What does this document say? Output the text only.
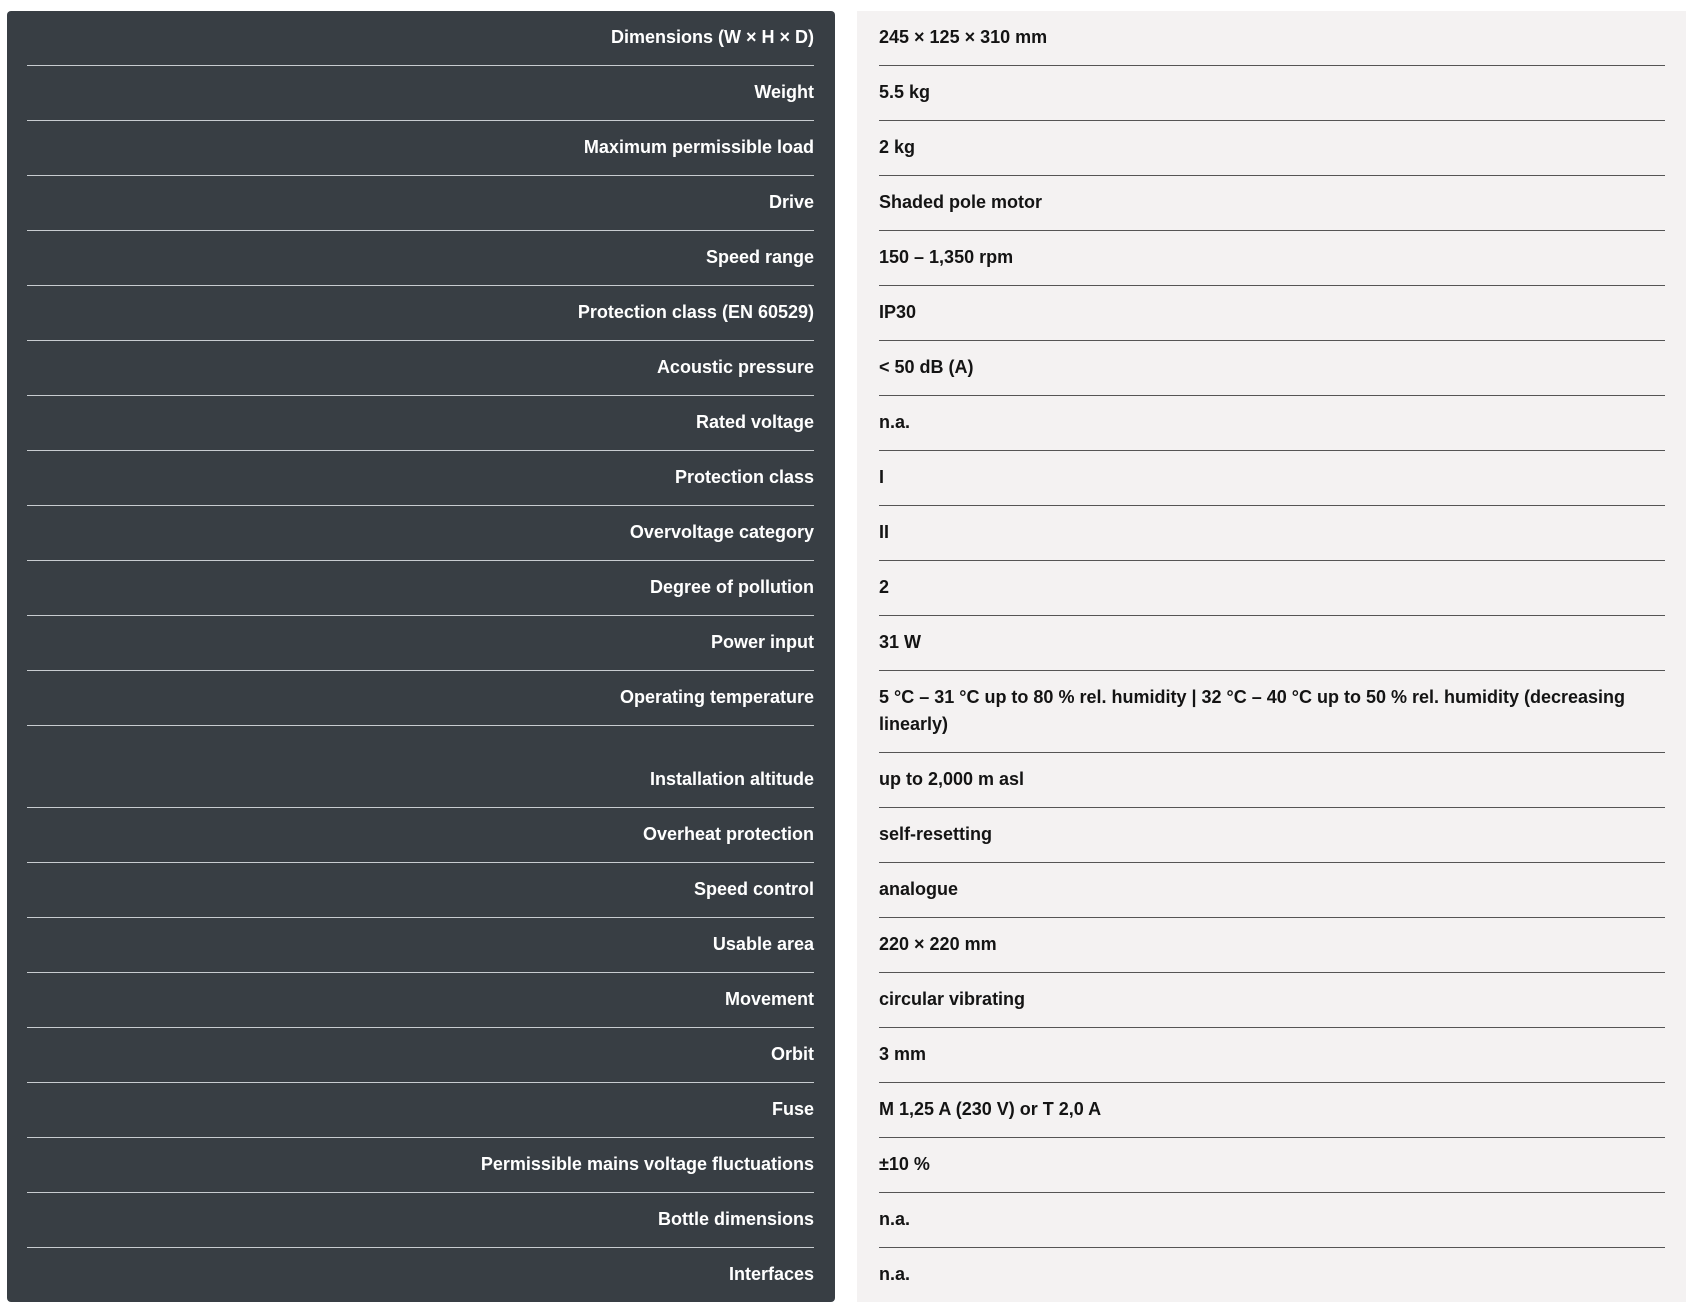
Dimensions (W × H × D)	245 × 125 × 310 mm
Weight	5.5 kg
Maximum permissible load	2 kg
Drive	Shaded pole motor
Speed range	150 – 1,350 rpm
Protection class (EN 60529)	IP30
Acoustic pressure	< 50 dB (A)
Rated voltage	n.a.
Protection class	I
Overvoltage category	II
Degree of pollution	2
Power input	31 W
Operating temperature	5 °C – 31 °C up to 80 % rel. humidity | 32 °C – 40 °C up to 50 % rel. humidity (decreasing linearly)
Installation altitude	up to 2,000 m asl
Overheat protection	self-resetting
Speed control	analogue
Usable area	220 × 220 mm
Movement	circular vibrating
Orbit	3 mm
Fuse	M 1,25 A (230 V) or T 2,0 A
Permissible mains voltage fluctuations	±10 %
Bottle dimensions	n.a.
Interfaces	n.a.
